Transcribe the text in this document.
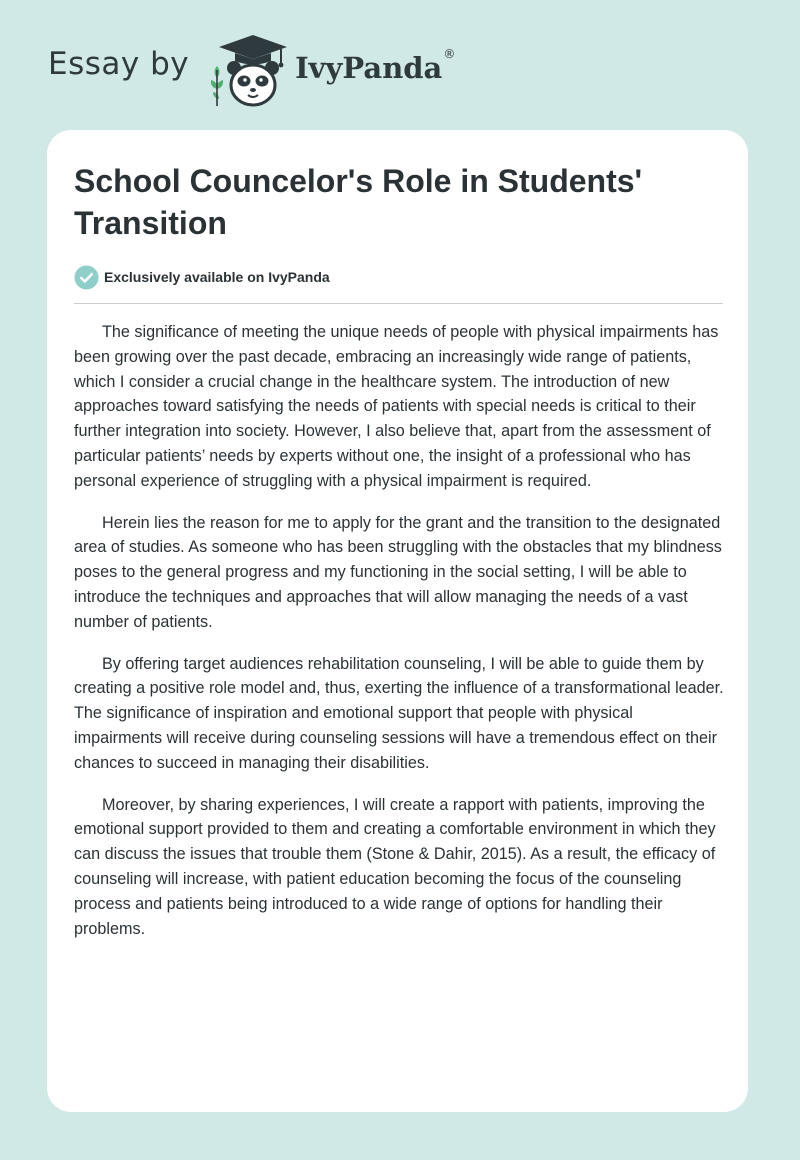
Essay by	IvyPanda ®
School Councelor's Role in Students' Transition
Exclusively available on IvyPanda

The significance of meeting the unique needs of people with physical impairments has been growing over the past decade, embracing an increasingly wide range of patients, which I consider a crucial change in the healthcare system. The introduction of new approaches toward satisfying the needs of patients with special needs is critical to their further integration into society. However, I also believe that, apart from the assessment of particular patients’ needs by experts without one, the insight of a professional who has personal experience of struggling with a physical impairment is required.

Herein lies the reason for me to apply for the grant and the transition to the designated area of studies. As someone who has been struggling with the obstacles that my blindness poses to the general progress and my functioning in the social setting, I will be able to introduce the techniques and approaches that will allow managing the needs of a vast number of patients.

By offering target audiences rehabilitation counseling, I will be able to guide them by creating a positive role model and, thus, exerting the influence of a transformational leader. The significance of inspiration and emotional support that people with physical impairments will receive during counseling sessions will have a tremendous effect on their chances to succeed in managing their disabilities.

Moreover, by sharing experiences, I will create a rapport with patients, improving the emotional support provided to them and creating a comfortable environment in which they can discuss the issues that trouble them (Stone & Dahir, 2015). As a result, the efficacy of counseling will increase, with patient education becoming the focus of the counseling process and patients being introduced to a wide range of options for handling their problems.
